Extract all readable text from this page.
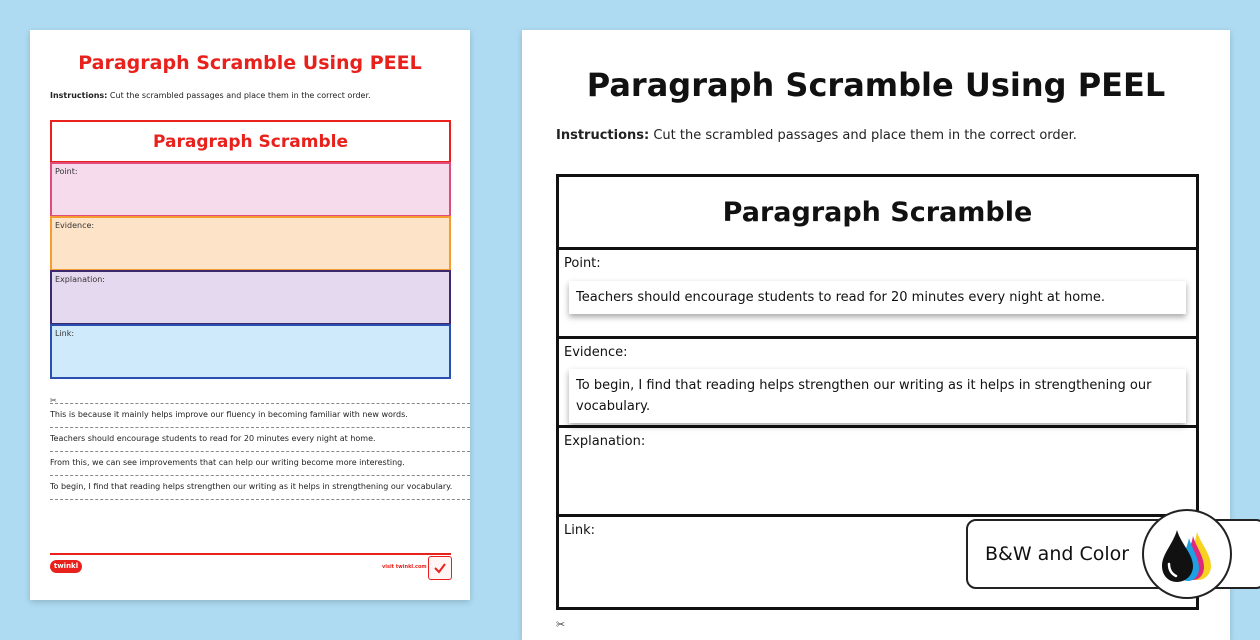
Paragraph Scramble Using PEEL
Instructions: Cut the scrambled passages and place them in the correct order.
Paragraph Scramble
Point:
Evidence:
Explanation:
Link:
✂
This is because it mainly helps improve our fluency in becoming familiar with new words.
Teachers should encourage students to read for 20 minutes every night at home.
From this, we can see improvements that can help our writing become more interesting.
To begin, I find that reading helps strengthen our writing as it helps in strengthening our vocabulary.
twinkl	visit twinkl.com
Paragraph Scramble Using PEEL
Instructions: Cut the scrambled passages and place them in the correct order.
Paragraph Scramble
Point:
Teachers should encourage students to read for 20 minutes every night at home.
Evidence:
To begin, I find that reading helps strengthen our writing as it helps in strengthening our vocabulary.
Explanation:
Link:
✂
B&W and Color
